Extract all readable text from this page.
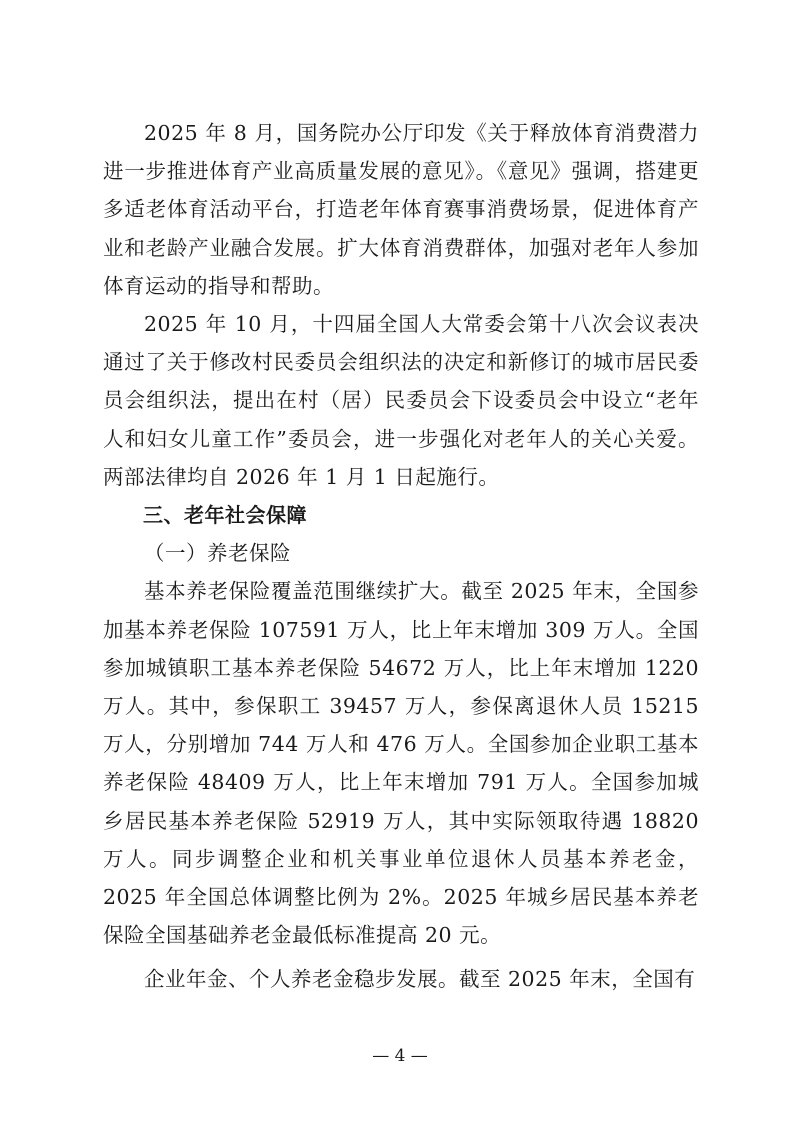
2025 年 8 月，国务院办公厅印发《关于释放体育消费潜力进一步推进体育产业高质量发展的意见》。《意见》强调，搭建更多适老体育活动平台，打造老年体育赛事消费场景，促进体育产业和老龄产业融合发展。扩大体育消费群体，加强对老年人参加体育运动的指导和帮助。

2025 年 10 月，十四届全国人大常委会第十八次会议表决通过了关于修改村民委员会组织法的决定和新修订的城市居民委员会组织法，提出在村（居）民委员会下设委员会中设立“老年人和妇女儿童工作”委员会，进一步强化对老年人的关心关爱。两部法律均自 2026 年 1 月 1 日起施行。

三、老年社会保障

（一）养老保险

基本养老保险覆盖范围继续扩大。截至 2025 年末，全国参加基本养老保险 107591 万人，比上年末增加 309 万人。全国参加城镇职工基本养老保险 54672 万人，比上年末增加 1220 万人。其中，参保职工 39457 万人，参保离退休人员 15215 万人，分别增加 744 万人和 476 万人。全国参加企业职工基本养老保险 48409 万人，比上年末增加 791 万人。全国参加城乡居民基本养老保险 52919 万人，其中实际领取待遇 18820 万人。同步调整企业和机关事业单位退休人员基本养老金，2025 年全国总体调整比例为 2%。2025 年城乡居民基本养老保险全国基础养老金最低标准提高 20 元。

企业年金、个人养老金稳步发展。截至 2025 年末，全国有

— 4 —
